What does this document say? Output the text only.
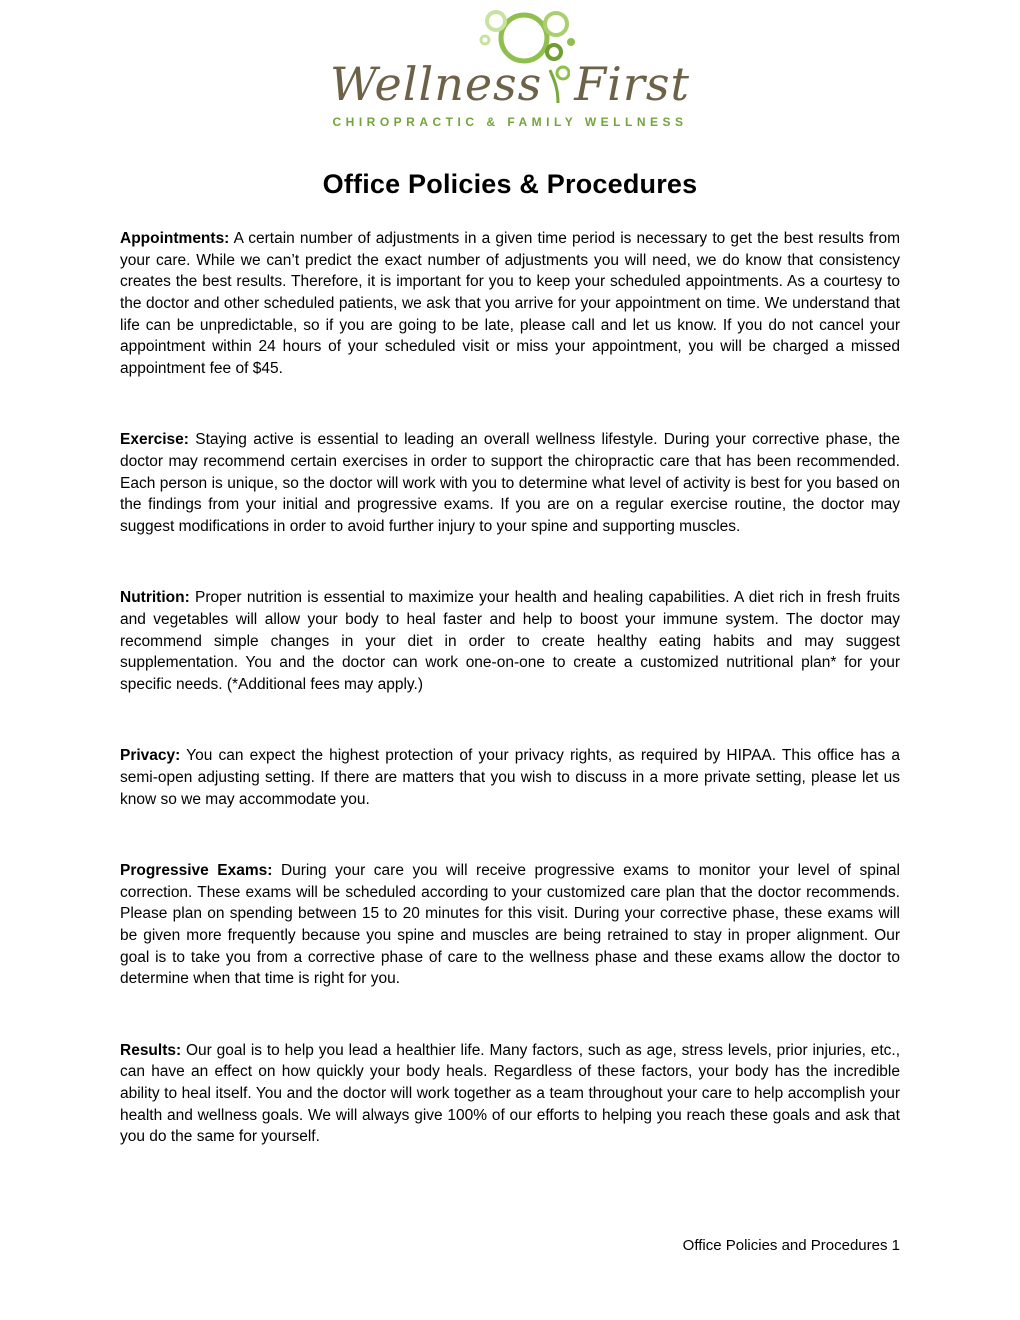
Wellness First
CHIROPRACTIC & FAMILY WELLNESS
Office Policies & Procedures

Appointments: A certain number of adjustments in a given time period is necessary to get the best results from your care. While we can’t predict the exact number of adjustments you will need, we do know that consistency creates the best results. Therefore, it is important for you to keep your scheduled appointments. As a courtesy to the doctor and other scheduled patients, we ask that you arrive for your appointment on time. We understand that life can be unpredictable, so if you are going to be late, please call and let us know. If you do not cancel your appointment within 24 hours of your scheduled visit or miss your appointment, you will be charged a missed appointment fee of $45.

Exercise: Staying active is essential to leading an overall wellness lifestyle. During your corrective phase, the doctor may recommend certain exercises in order to support the chiropractic care that has been recommended. Each person is unique, so the doctor will work with you to determine what level of activity is best for you based on the findings from your initial and progressive exams. If you are on a regular exercise routine, the doctor may suggest modifications in order to avoid further injury to your spine and supporting muscles.

Nutrition: Proper nutrition is essential to maximize your health and healing capabilities. A diet rich in fresh fruits and vegetables will allow your body to heal faster and help to boost your immune system. The doctor may recommend simple changes in your diet in order to create healthy eating habits and may suggest supplementation. You and the doctor can work one-on-one to create a customized nutritional plan* for your specific needs. (*Additional fees may apply.)

Privacy: You can expect the highest protection of your privacy rights, as required by HIPAA. This office has a semi-open adjusting setting. If there are matters that you wish to discuss in a more private setting, please let us know so we may accommodate you.

Progressive Exams: During your care you will receive progressive exams to monitor your level of spinal correction. These exams will be scheduled according to your customized care plan that the doctor recommends. Please plan on spending between 15 to 20 minutes for this visit. During your corrective phase, these exams will be given more frequently because you spine and muscles are being retrained to stay in proper alignment. Our goal is to take you from a corrective phase of care to the wellness phase and these exams allow the doctor to determine when that time is right for you.

Results: Our goal is to help you lead a healthier life. Many factors, such as age, stress levels, prior injuries, etc., can have an effect on how quickly your body heals. Regardless of these factors, your body has the incredible ability to heal itself. You and the doctor will work together as a team throughout your care to help accomplish your health and wellness goals. We will always give 100% of our efforts to helping you reach these goals and ask that you do the same for yourself.

Office Policies and Procedures 1
